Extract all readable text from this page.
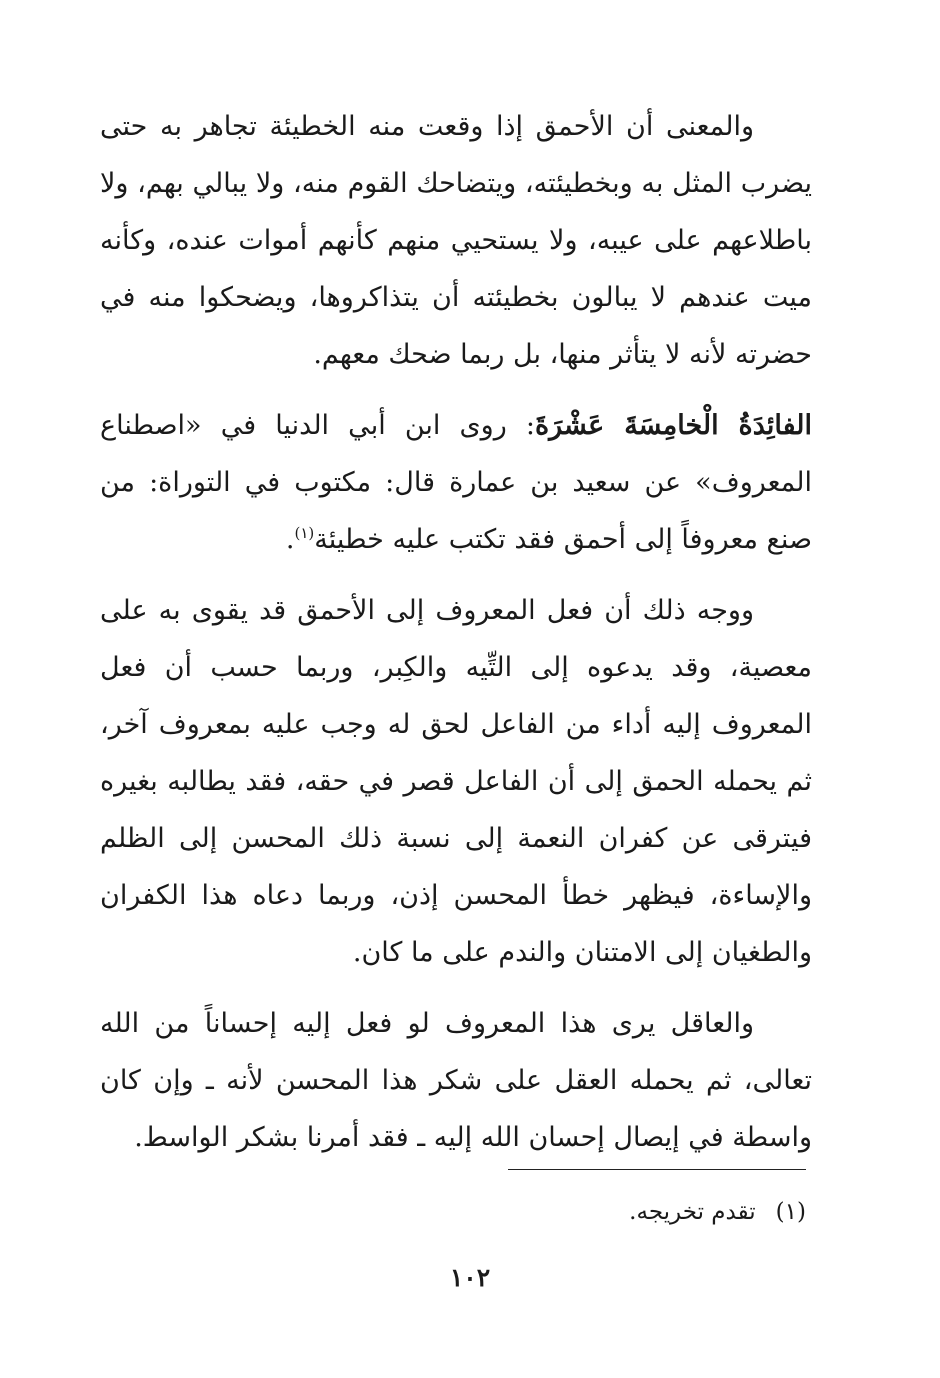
والمعنى أن الأحمق إذا وقعت منه الخطيئة تجاهر به حتى يضرب المثل به وبخطيئته، ويتضاحك القوم منه، ولا يبالي بهم، ولا باطلاعهم على عيبه، ولا يستحيي منهم كأنهم أموات عنده، وكأنه ميت عندهم لا يبالون بخطيئته أن يتذاكروها، ويضحكوا منه في حضرته لأنه لا يتأثر منها، بل ربما ضحك معهم.

الفائِدَةُ الْخامِسَةَ عَشْرَةَ: روى ابن أبي الدنيا في «اصطناع المعروف» عن سعيد بن عمارة قال: مكتوب في التوراة: من صنع معروفاً إلى أحمق فقد تكتب عليه خطيئة$^{(١)}$.

ووجه ذلك أن فعل المعروف إلى الأحمق قد يقوى به على معصية، وقد يدعوه إلى التِّيه والكِبر، وربما حسب أن فعل المعروف إليه أداء من الفاعل لحق له وجب عليه بمعروف آخر، ثم يحمله الحمق إلى أن الفاعل قصر في حقه، فقد يطالبه بغيره فيترقى عن كفران النعمة إلى نسبة ذلك المحسن إلى الظلم والإساءة، فيظهر خطأ المحسن إذن، وربما دعاه هذا الكفران والطغيان إلى الامتنان والندم على ما كان.

والعاقل يرى هذا المعروف لو فعل إليه إحساناً من الله تعالى، ثم يحمله العقل على شكر هذا المحسن لأنه ـ وإن كان واسطة في إيصال إحسان الله إليه ـ فقد أمرنا بشكر الواسط.

(١)تقدم تخريجه.
١٠٢
